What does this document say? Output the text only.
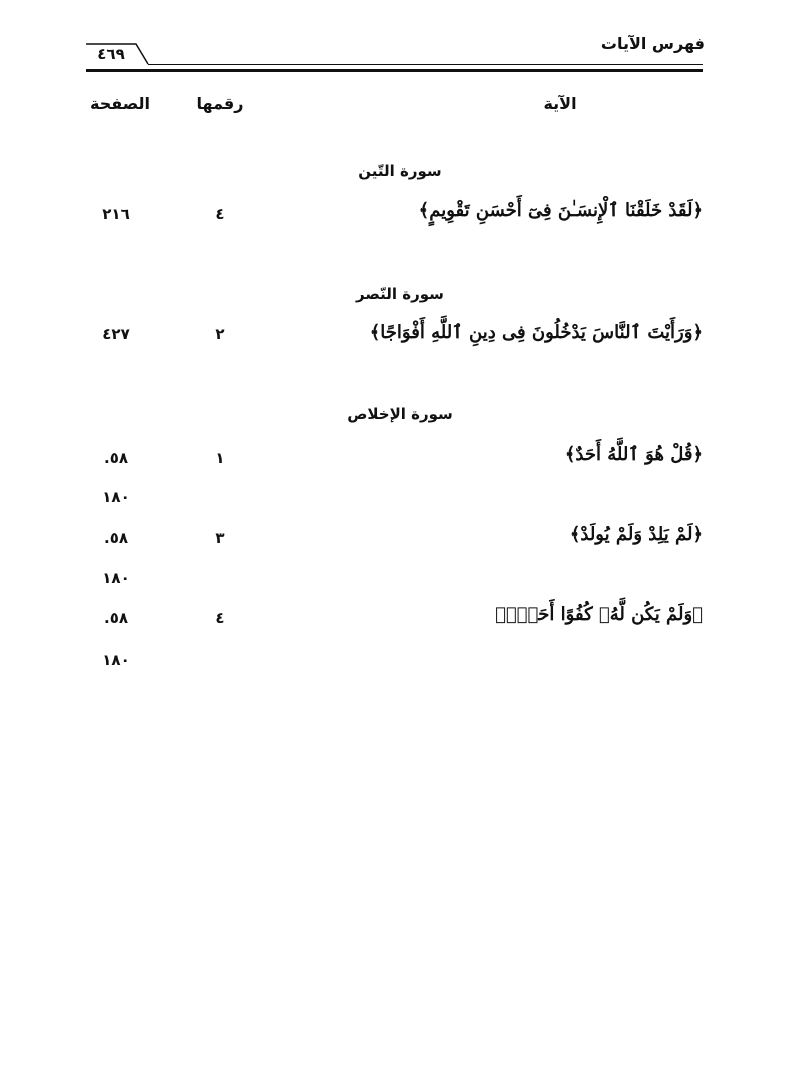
فهرس الآيات
٤٦٩
الآية
رقمها
الصفحة
سورة التّين
﴿لَقَدْ خَلَقْنَا ٱلْإِنسَـٰنَ فِىٓ أَحْسَنِ تَقْوِيمٍ﴾
٤
٢١٦
سورة النّصر
﴿وَرَأَيْتَ ٱلنَّاسَ يَدْخُلُونَ فِى دِينِ ٱللَّهِ أَفْوَاجًا﴾
٢
٤٢٧
سورة الإخلاص
﴿قُلْ هُوَ ٱللَّهُ أَحَدٌ﴾
١
٥٨.
١٨٠
﴿لَمْ يَلِدْ وَلَمْ يُولَدْ﴾
٣
٥٨.
١٨٠
﴿وَلَمْ يَكُن لَّهُۥ كُفُوًا أَحَدٌۢ﴾
٤
٥٨.
١٨٠
